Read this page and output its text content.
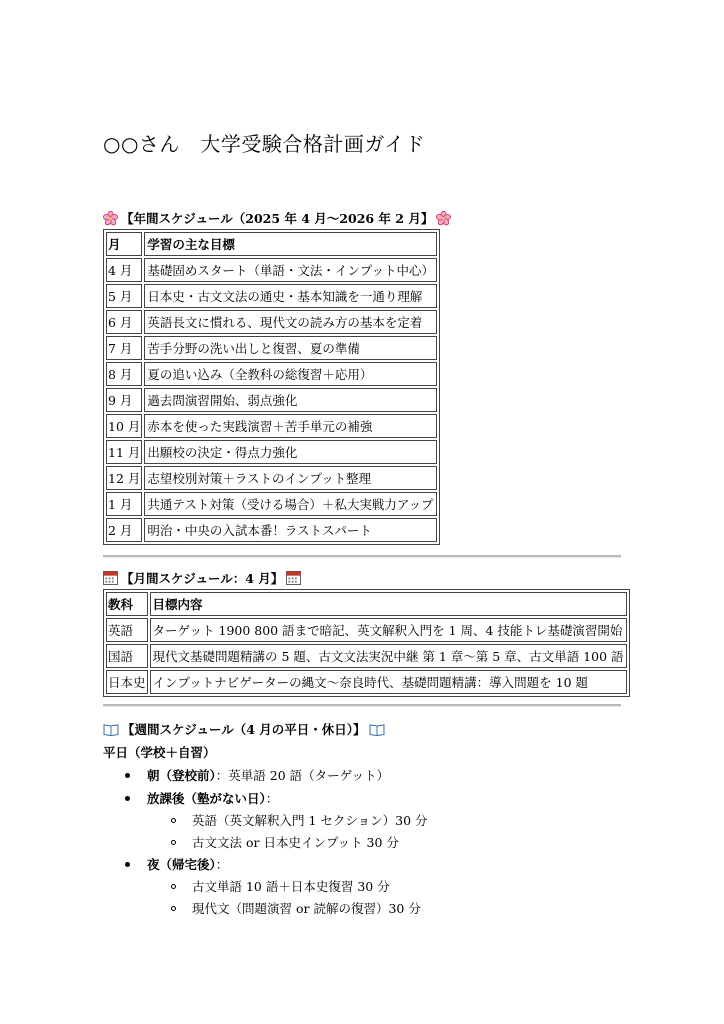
○○さん　大学受験合格計画ガイド
【年間スケジュール（2025 年 4 月〜2026 年 2 月】
月	学習の主な目標
4 月	基礎固めスタート（単語・文法・インプット中心）
5 月	日本史・古文文法の通史・基本知識を一通り理解
6 月	英語長文に慣れる、現代文の読み方の基本を定着
7 月	苦手分野の洗い出しと復習、夏の準備
8 月	夏の追い込み（全教科の総復習＋応用）
9 月	過去問演習開始、弱点強化
10 月	赤本を使った実践演習＋苦手単元の補強
11 月	出願校の決定・得点力強化
12 月	志望校別対策＋ラストのインプット整理
1 月	共通テスト対策（受ける場合）＋私大実戦力アップ
2 月	明治・中央の入試本番！ラストスパート
【月間スケジュール：4 月】
教科	目標内容
英語	ターゲット 1900 800 語まで暗記、英文解釈入門を 1 周、4 技能トレ基礎演習開始
国語	現代文基礎問題精講の 5 題、古文文法実況中継 第 1 章〜第 5 章、古文単語 100 語
日本史	インプットナビゲーターの縄文〜奈良時代、基礎問題精講：導入問題を 10 題
【週間スケジュール（4 月の平日・休日）】
平日（学校＋自習）
朝（登校前）：英単語 20 語（ターゲット）
放課後（塾がない日）：
英語（英文解釈入門 1 セクション）30 分
古文文法 or 日本史インプット 30 分
夜（帰宅後）：
古文単語 10 語＋日本史復習 30 分
現代文（問題演習 or 読解の復習）30 分
